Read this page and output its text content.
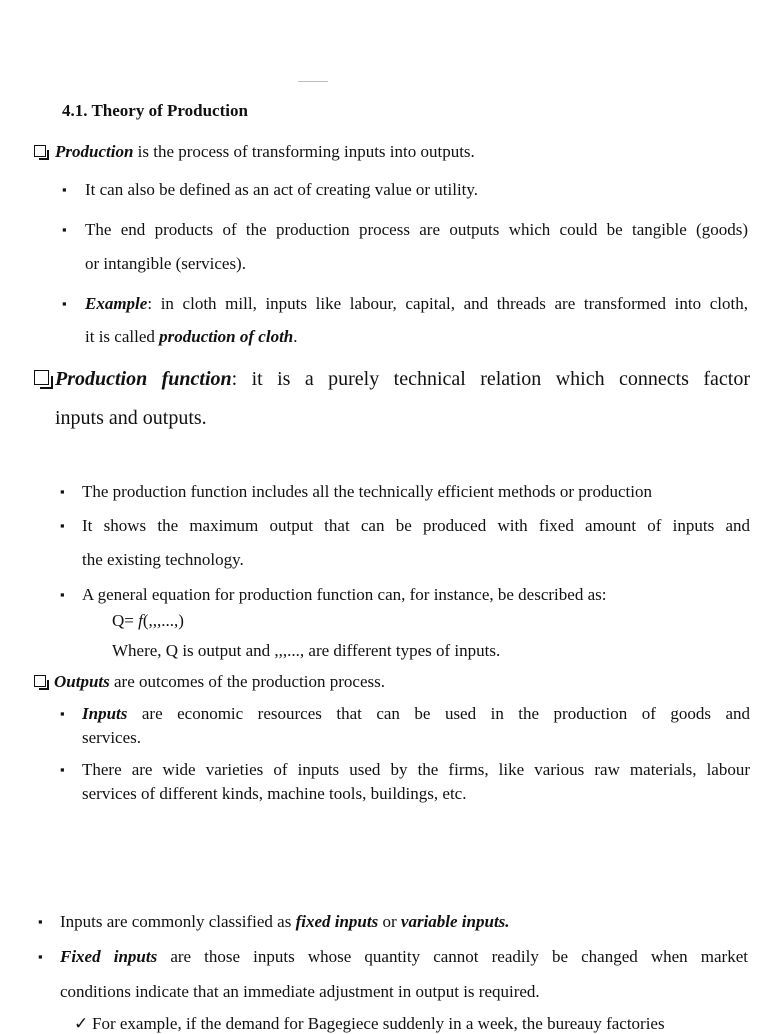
4.1. Theory of Production
Production is the process of transforming inputs into outputs.
▪ It can also be defined as an act of creating value or utility.
▪ The end products of the production process are outputs which could be tangible (goods)
or intangible (services).
▪ Example: in cloth mill, inputs like labour, capital, and threads are transformed into cloth,
it is called production of cloth.
Production function: it is a purely technical relation which connects factor
inputs and outputs.
▪ The production function includes all the technically efficient methods or production
▪ It shows the maximum output that can be produced with fixed amount of inputs and
the existing technology.
▪ A general equation for production function can, for instance, be described as:
Q= f(,,,...,)
Where, Q is output and ,,,..., are different types of inputs.
Outputs are outcomes of the production process.
▪ Inputs are economic resources that can be used in the production of goods and
services.
▪ There are wide varieties of inputs used by the firms, like various raw materials, labour
services of different kinds, machine tools, buildings, etc.
▪ Inputs are commonly classified as fixed inputs or variable inputs.
▪ Fixed inputs are those inputs whose quantity cannot readily be changed when market
conditions indicate that an immediate adjustment in output is required.
✓ For example, if the demand for Bagegiece suddenly in a week, the bureauy factories
